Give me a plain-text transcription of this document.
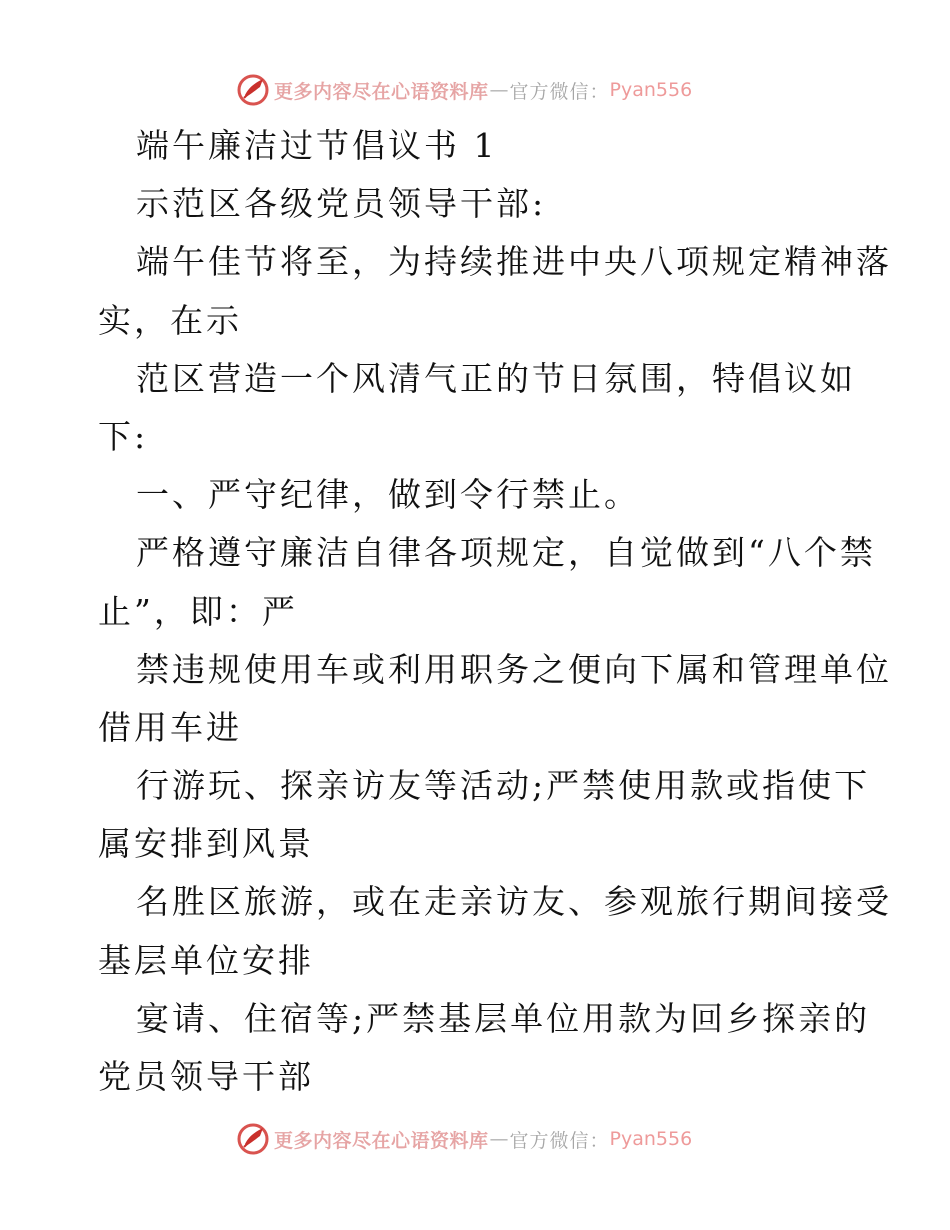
更多内容尽在心语资料库 — 官方微信： Pyan556
端午廉洁过节倡议书 1
示范区各级党员领导干部:
端午佳节将至，为持续推进中央八项规定精神落
实，在示
范区营造一个风清气正的节日氛围，特倡议如
下:
一、严守纪律，做到令行禁止。
严格遵守廉洁自律各项规定，自觉做到“八个禁
止”，即：严
禁违规使用车或利用职务之便向下属和管理单位
借用车进
行游玩、探亲访友等活动;严禁使用款或指使下
属安排到风景
名胜区旅游，或在走亲访友、参观旅行期间接受
基层单位安排
宴请、住宿等;严禁基层单位用款为回乡探亲的
党员领导干部
更多内容尽在心语资料库 — 官方微信： Pyan556
